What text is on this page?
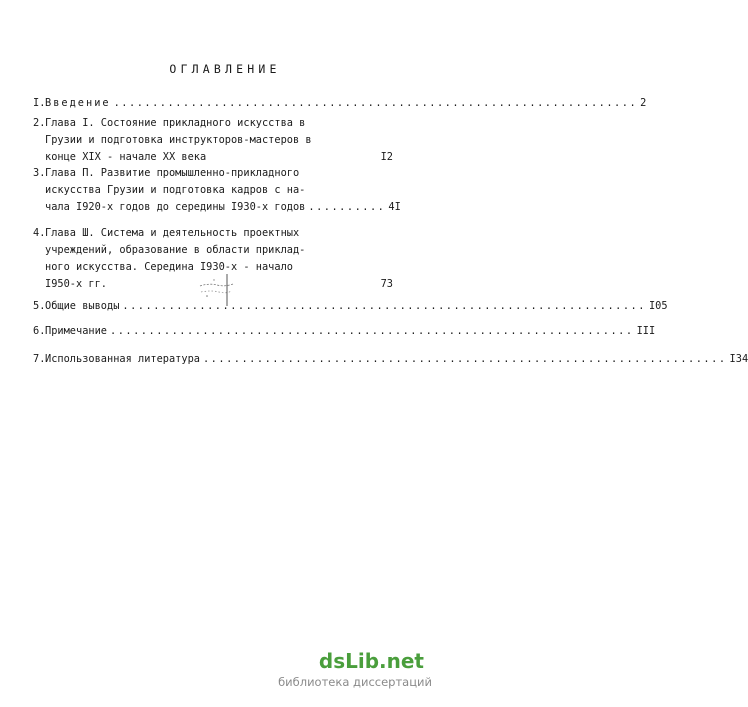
ОГЛАВЛЕНИЕ
I. Введение .................................................................... 2
2. Глава I. Состояние прикладного искусства в
Грузии и подготовка инструкторов-мастеров в
конце XIX - начале XX века
	I2
3. Глава П. Развитие промышленно-прикладного
искусства Грузии и подготовка кадров с на-
чала I920-х годов до середины I930-х годов .......... 4I
4. Глава Ш. Система и деятельность проектных
учреждений, образование в области приклад-
ного искусства. Середина I930-х - начало
I950-х гг.
	73
5. Общие выводы .................................................................... I05
6. Примечание .................................................................... III
7. Использованная литература .................................................................... I34
dsLib.net
библиотека диссертаций
